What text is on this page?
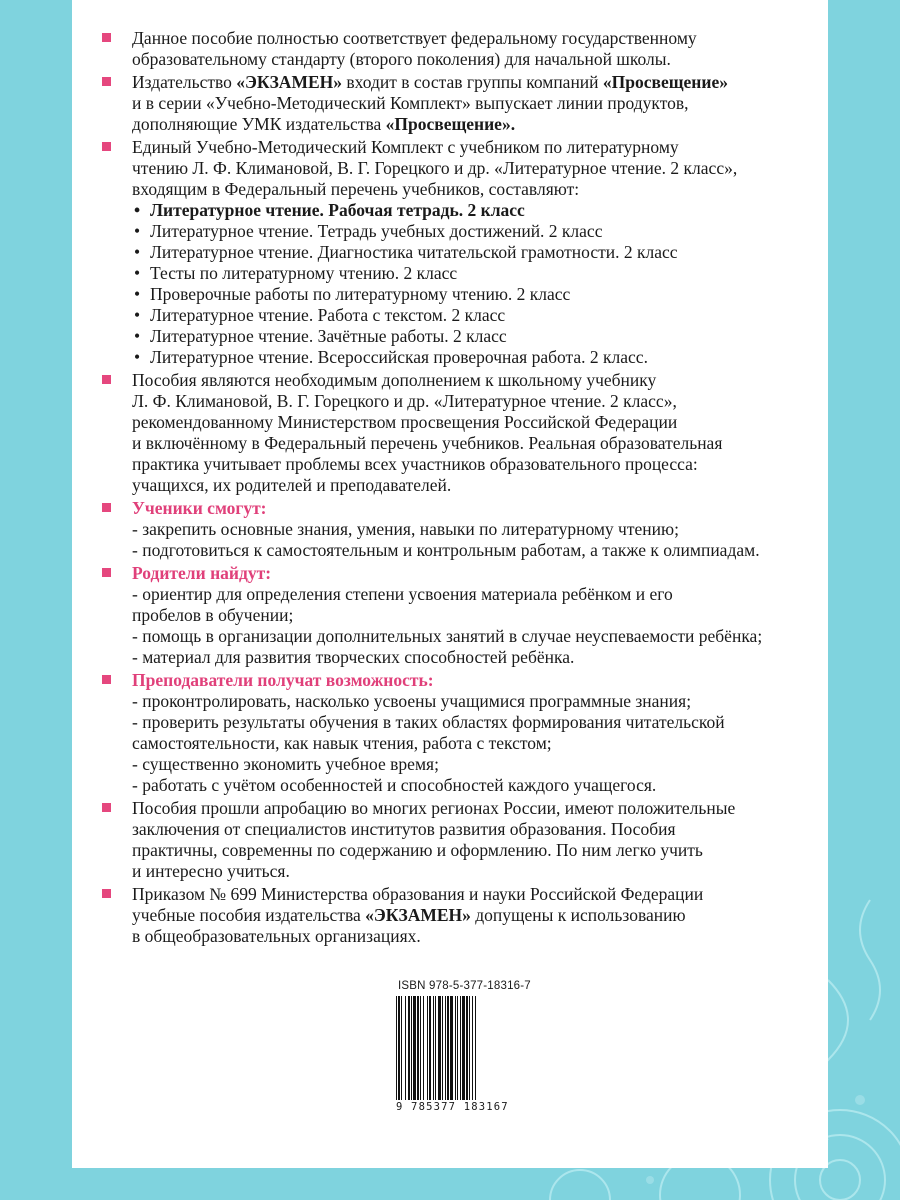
Данное пособие полностью соответствует федеральному государственному
образовательному стандарту (второго поколения) для начальной школы.
Издательство «ЭКЗАМЕН» входит в состав группы компаний «Просвещение»
и в серии «Учебно-Методический Комплект» выпускает линии продуктов,
дополняющие УМК издательства «Просвещение».
Единый Учебно-Методический Комплект с учебником по литературному
чтению Л. Ф. Климановой, В. Г. Горецкого и др. «Литературное чтение. 2 класс»,
входящим в Федеральный перечень учебников, составляют:
• Литературное чтение. Рабочая тетрадь. 2 класс
• Литературное чтение. Тетрадь учебных достижений. 2 класс
• Литературное чтение. Диагностика читательской грамотности. 2 класс
• Тесты по литературному чтению. 2 класс
• Проверочные работы по литературному чтению. 2 класс
• Литературное чтение. Работа с текстом. 2 класс
• Литературное чтение. Зачётные работы. 2 класс
• Литературное чтение. Всероссийская проверочная работа. 2 класс.
Пособия являются необходимым дополнением к школьному учебнику
Л. Ф. Климановой, В. Г. Горецкого и др. «Литературное чтение. 2 класс»,
рекомендованному Министерством просвещения Российской Федерации
и включённому в Федеральный перечень учебников. Реальная образовательная
практика учитывает проблемы всех участников образовательного процесса:
учащихся, их родителей и преподавателей.
Ученики смогут:
- закрепить основные знания, умения, навыки по литературному чтению;
- подготовиться к самостоятельным и контрольным работам, а также к олимпиадам.
Родители найдут:
- ориентир для определения степени усвоения материала ребёнком и его
пробелов в обучении;
- помощь в организации дополнительных занятий в случае неуспеваемости ребёнка;
- материал для развития творческих способностей ребёнка.
Преподаватели получат возможность:
- проконтролировать, насколько усвоены учащимися программные знания;
- проверить результаты обучения в таких областях формирования читательской
самостоятельности, как навык чтения, работа с текстом;
- существенно экономить учебное время;
- работать с учётом особенностей и способностей каждого учащегося.
Пособия прошли апробацию во многих регионах России, имеют положительные
заключения от специалистов институтов развития образования. Пособия
практичны, современны по содержанию и оформлению. По ним легко учить
и интересно учиться.
Приказом № 699 Министерства образования и науки Российской Федерации
учебные пособия издательства «ЭКЗАМЕН» допущены к использованию
в общеобразовательных организациях.
ISBN 978-5-377-18316-7
9 785377 183167
